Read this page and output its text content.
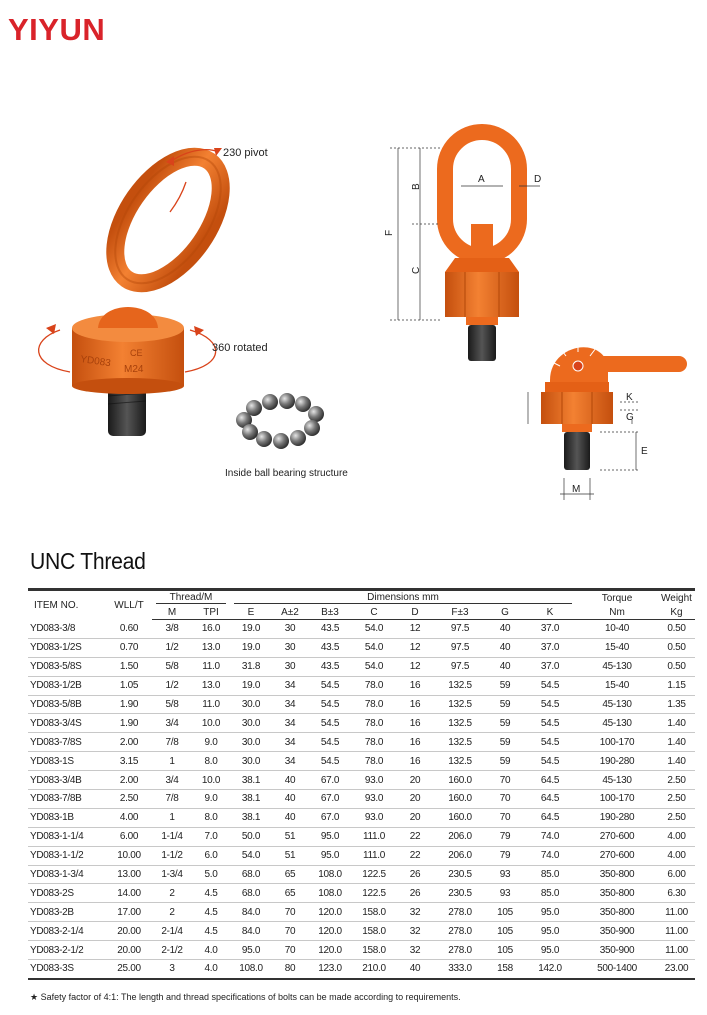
YIYUN
YD083
M24
CE
F
B
C
A	D
K
G
E
M
230 pivot
360 rotated
Inside ball bearing structure
UNC Thread
ITEM NO.	WLL/T	Thread/M		Dimensions mm								Torque	Weight
		M	TPI	E	A±2	B±3	C	D	F±3	G	K	Nm	Kg
YD083-3/8	0.60	3/8	16.0	19.0	30	43.5	54.0	12	97.5	40	37.0	10-40	0.50
YD083-1/2S	0.70	1/2	13.0	19.0	30	43.5	54.0	12	97.5	40	37.0	15-40	0.50
YD083-5/8S	1.50	5/8	11.0	31.8	30	43.5	54.0	12	97.5	40	37.0	45-130	0.50
YD083-1/2B	1.05	1/2	13.0	19.0	34	54.5	78.0	16	132.5	59	54.5	15-40	1.15
YD083-5/8B	1.90	5/8	11.0	30.0	34	54.5	78.0	16	132.5	59	54.5	45-130	1.35
YD083-3/4S	1.90	3/4	10.0	30.0	34	54.5	78.0	16	132.5	59	54.5	45-130	1.40
YD083-7/8S	2.00	7/8	9.0	30.0	34	54.5	78.0	16	132.5	59	54.5	100-170	1.40
YD083-1S	3.15	1	8.0	30.0	34	54.5	78.0	16	132.5	59	54.5	190-280	1.40
YD083-3/4B	2.00	3/4	10.0	38.1	40	67.0	93.0	20	160.0	70	64.5	45-130	2.50
YD083-7/8B	2.50	7/8	9.0	38.1	40	67.0	93.0	20	160.0	70	64.5	100-170	2.50
YD083-1B	4.00	1	8.0	38.1	40	67.0	93.0	20	160.0	70	64.5	190-280	2.50
YD083-1-1/4	6.00	1-1/4	7.0	50.0	51	95.0	111.0	22	206.0	79	74.0	270-600	4.00
YD083-1-1/2	10.00	1-1/2	6.0	54.0	51	95.0	111.0	22	206.0	79	74.0	270-600	4.00
YD083-1-3/4	13.00	1-3/4	5.0	68.0	65	108.0	122.5	26	230.5	93	85.0	350-800	6.00
YD083-2S	14.00	2	4.5	68.0	65	108.0	122.5	26	230.5	93	85.0	350-800	6.30
YD083-2B	17.00	2	4.5	84.0	70	120.0	158.0	32	278.0	105	95.0	350-800	11.00
YD083-2-1/4	20.00	2-1/4	4.5	84.0	70	120.0	158.0	32	278.0	105	95.0	350-900	11.00
YD083-2-1/2	20.00	2-1/2	4.0	95.0	70	120.0	158.0	32	278.0	105	95.0	350-900	11.00
YD083-3S	25.00	3	4.0	108.0	80	123.0	210.0	40	333.0	158	142.0	500-1400	23.00
★ Safety factor of 4:1: The length and thread specifications of bolts can be made according to requirements.
